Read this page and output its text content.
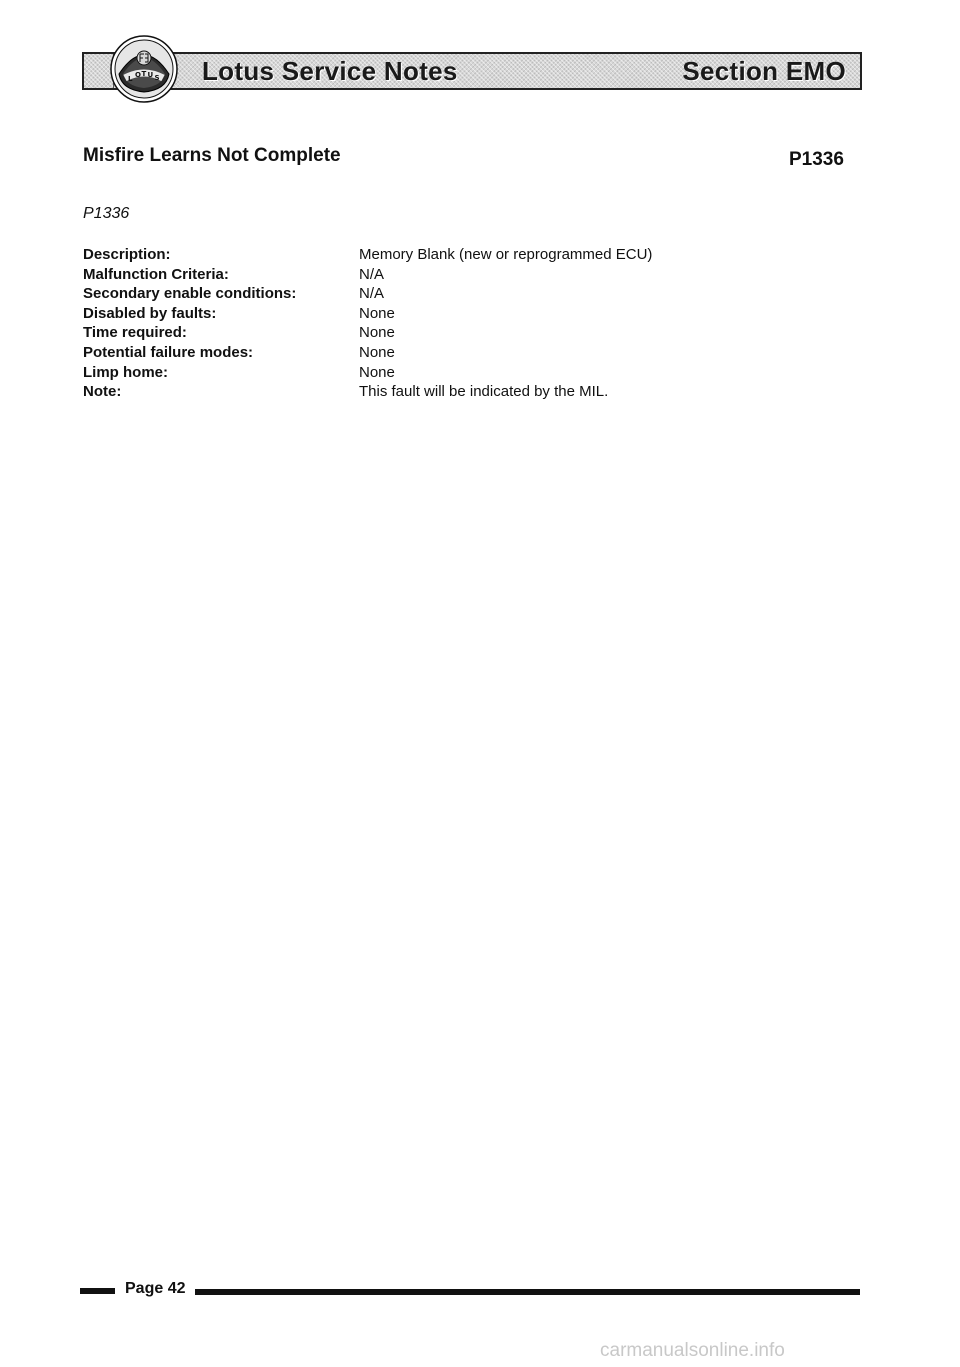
Lotus Service Notes	Section EMO
L O T U S
Misfire Learns Not Complete	P1336
P1336
Description:	Memory Blank (new or reprogrammed ECU)
Malfunction Criteria:	N/A
Secondary enable conditions:	N/A
Disabled by faults:	None
Time required:	None
Potential failure modes:	None
Limp home:	None
Note:	This fault will be indicated by the MIL.
Page 42
carmanualsonline.info
